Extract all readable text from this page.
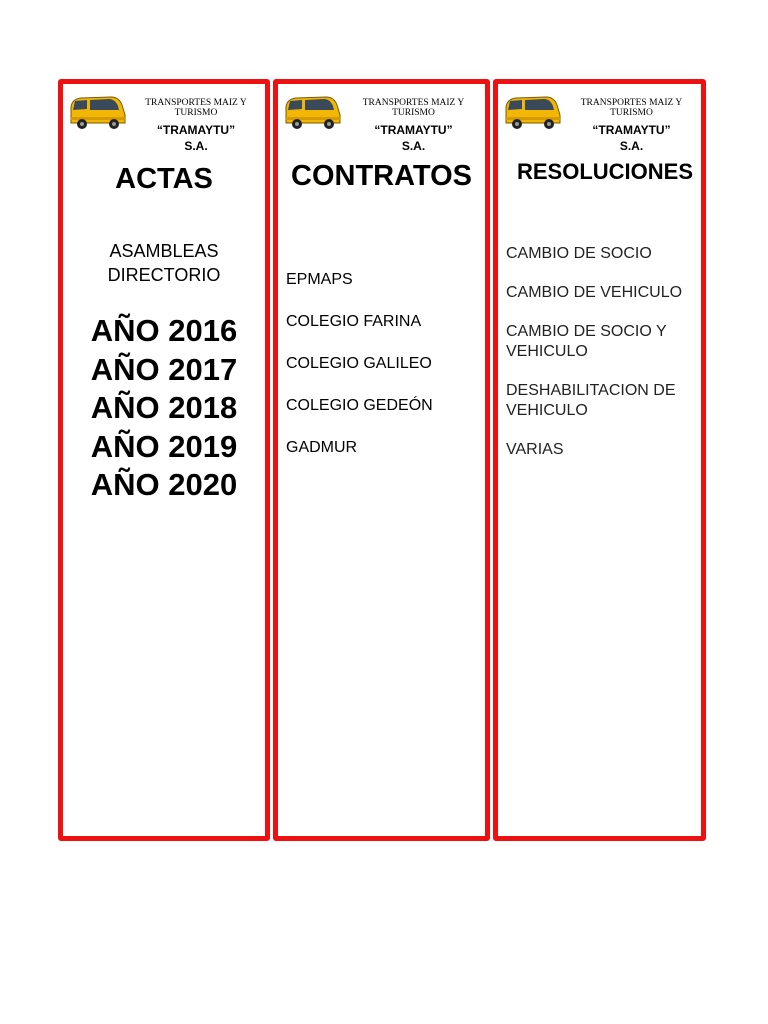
TRANSPORTES MAIZ Y TURISMO
“TRAMAYTU”
S.A.
ACTAS
ASAMBLEAS
DIRECTORIO
AÑO 2016
AÑO 2017
AÑO 2018
AÑO 2019
AÑO 2020
TRANSPORTES MAIZ Y TURISMO
“TRAMAYTU”
S.A.
CONTRATOS
EPMAPS
COLEGIO FARINA
COLEGIO GALILEO
COLEGIO GEDEÓN
GADMUR
TRANSPORTES MAIZ Y TURISMO
“TRAMAYTU”
S.A.
RESOLUCIONES
CAMBIO DE SOCIO
CAMBIO DE VEHICULO
CAMBIO DE SOCIO Y VEHICULO
DESHABILITACION DE VEHICULO
VARIAS
